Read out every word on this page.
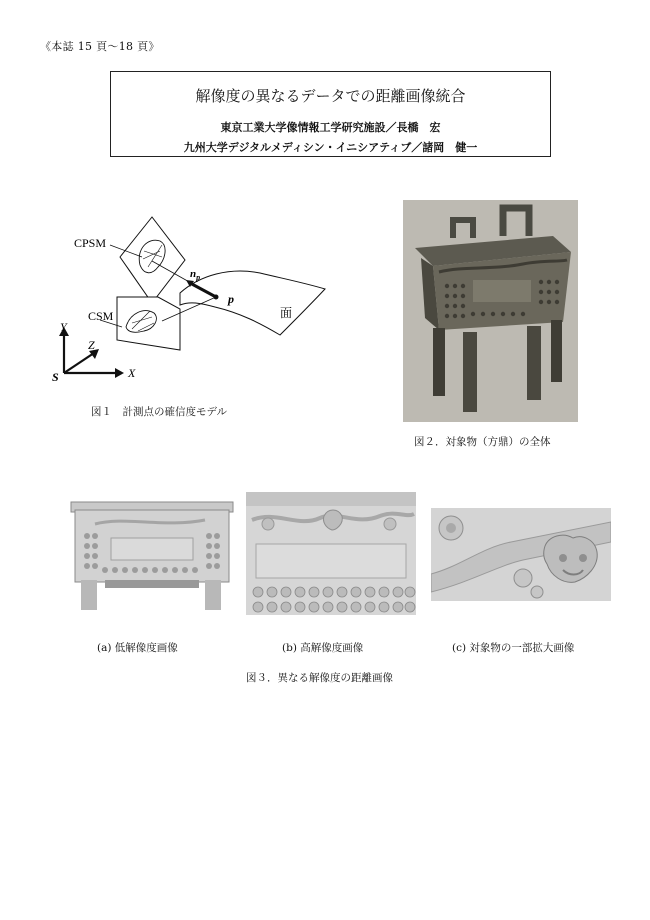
《本誌 15 頁〜18 頁》
解像度の異なるデータでの距離画像統合
東京工業大学像情報工学研究施設／長橋　宏
九州大学デジタルメディシン・イニシアティブ／諸岡　健一
CPSM
CSM
$n_p$
p
面
Y
Z
X
S
図１　計測点の確信度モデル
図２．対象物（方鼎）の全体
(a) 低解像度画像	(b) 高解像度画像	(c) 対象物の一部拡大画像
図３．異なる解像度の距離画像
